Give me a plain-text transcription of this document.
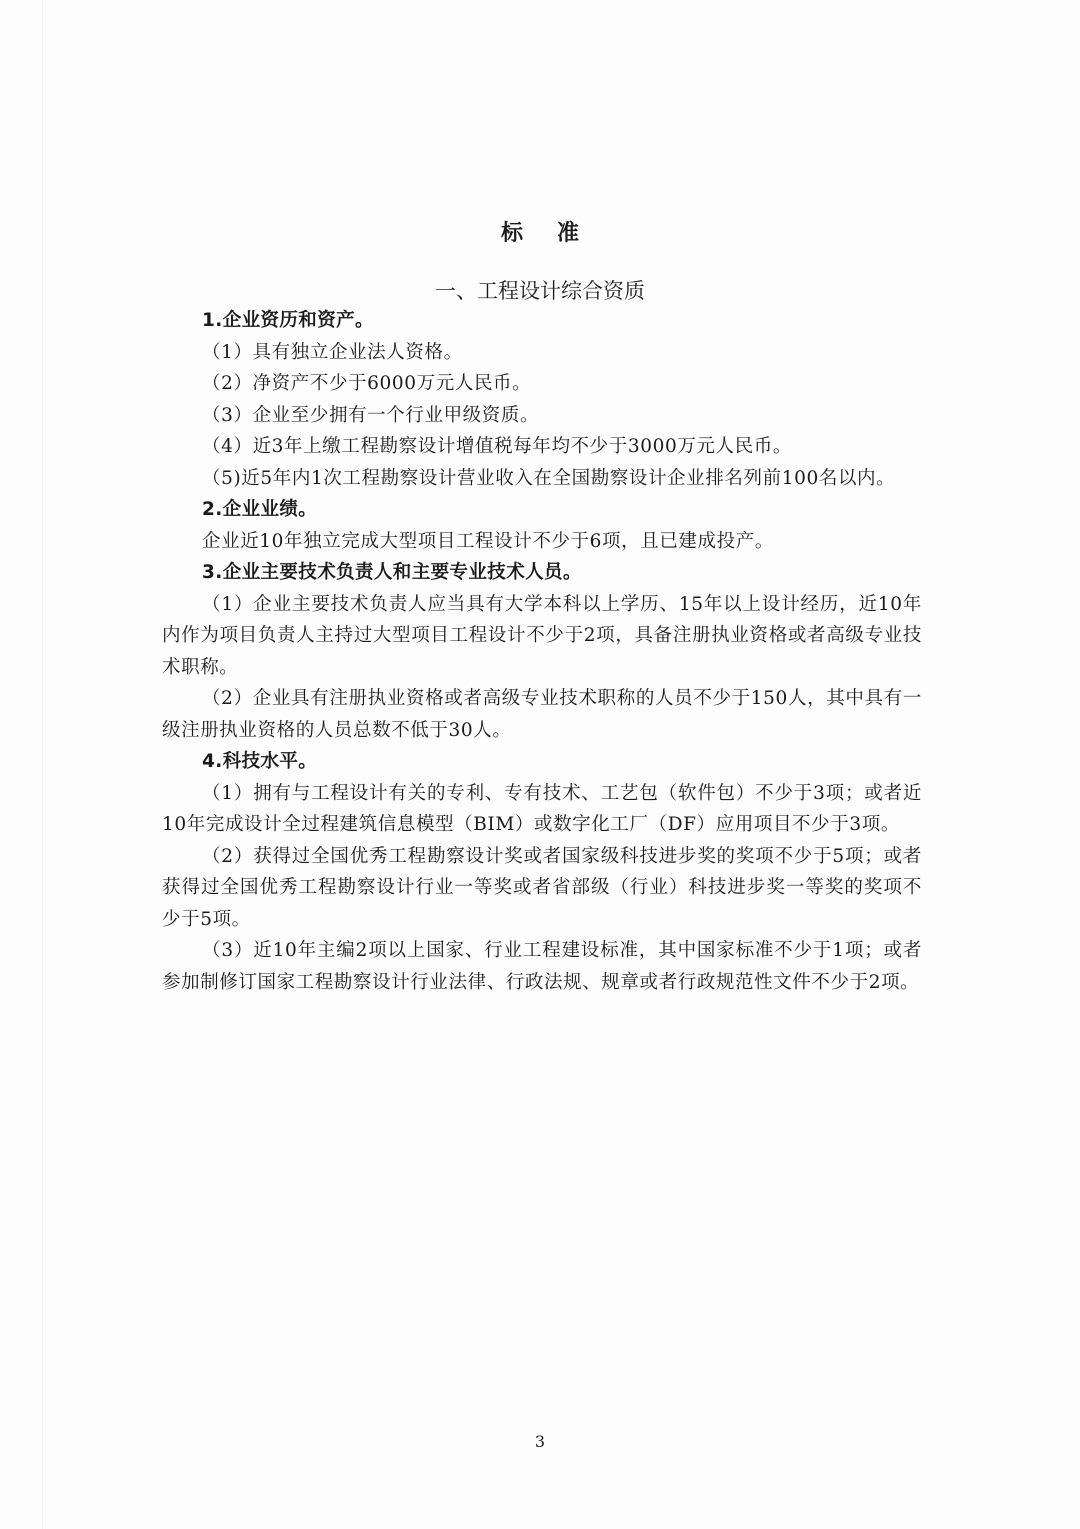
标准
一、工程设计综合资质

1.企业资历和资产。

（1）具有独立企业法人资格。

（2）净资产不少于6000万元人民币。

（3）企业至少拥有一个行业甲级资质。

（4）近3年上缴工程勘察设计增值税每年均不少于3000万元人民币。

（5)近5年内1次工程勘察设计营业收入在全国勘察设计企业排名列前100名以内。

2.企业业绩。

企业近10年独立完成大型项目工程设计不少于6项，且已建成投产。

3.企业主要技术负责人和主要专业技术人员。

（1）企业主要技术负责人应当具有大学本科以上学历、15年以上设计经历，近10年内作为项目负责人主持过大型项目工程设计不少于2项，具备注册执业资格或者高级专业技术职称。

（2）企业具有注册执业资格或者高级专业技术职称的人员不少于150人，其中具有一级注册执业资格的人员总数不低于30人。

4.科技水平。

（1）拥有与工程设计有关的专利、专有技术、工艺包（软件包）不少于3项；或者近10年完成设计全过程建筑信息模型（BIM）或数字化工厂（DF）应用项目不少于3项。

（2）获得过全国优秀工程勘察设计奖或者国家级科技进步奖的奖项不少于5项；或者获得过全国优秀工程勘察设计行业一等奖或者省部级（行业）科技进步奖一等奖的奖项不少于5项。

（3）近10年主编2项以上国家、行业工程建设标准，其中国家标准不少于1项；或者参加制修订国家工程勘察设计行业法律、行政法规、规章或者行政规范性文件不少于2项。

3
